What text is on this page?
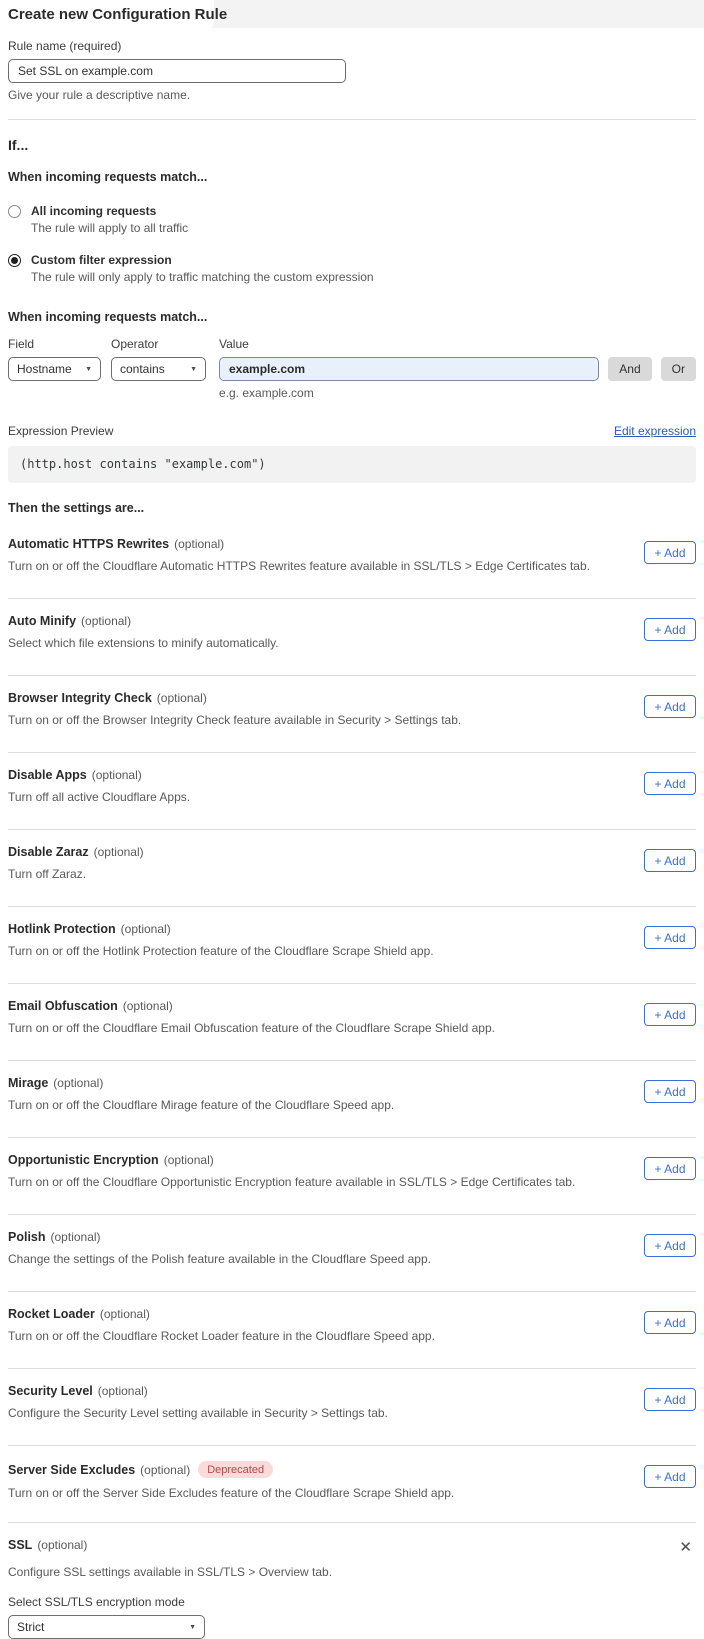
Create new Configuration Rule
Rule name (required)
Set SSL on example.com
Give your rule a descriptive name.
If...
When incoming requests match...
All incoming requests
The rule will apply to all traffic
Custom filter expression
The rule will only apply to traffic matching the custom expression
When incoming requests match...
Field
Hostname ▼
Operator
contains	▼
Value
example.com
And	Or
e.g. example.com
Expression Preview	Edit expression
(http.host contains "example.com")
Then the settings are...
Automatic HTTPS Rewrites (optional)
Turn on or off the Cloudflare Automatic HTTPS Rewrites feature available in SSL/TLS > Edge Certificates tab.
+ Add
Auto Minify (optional)
Select which file extensions to minify automatically.
+ Add
Browser Integrity Check (optional)
Turn on or off the Browser Integrity Check feature available in Security > Settings tab.
+ Add
Disable Apps (optional)
Turn off all active Cloudflare Apps.
+ Add
Disable Zaraz (optional)
Turn off Zaraz.
+ Add
Hotlink Protection (optional)
Turn on or off the Hotlink Protection feature of the Cloudflare Scrape Shield app.
+ Add
Email Obfuscation (optional)
Turn on or off the Cloudflare Email Obfuscation feature of the Cloudflare Scrape Shield app.
+ Add
Mirage (optional)
Turn on or off the Cloudflare Mirage feature of the Cloudflare Speed app.
+ Add
Opportunistic Encryption (optional)
Turn on or off the Cloudflare Opportunistic Encryption feature available in SSL/TLS > Edge Certificates tab.
+ Add
Polish (optional)
Change the settings of the Polish feature available in the Cloudflare Speed app.
+ Add
Rocket Loader (optional)
Turn on or off the Cloudflare Rocket Loader feature in the Cloudflare Speed app.
+ Add
Security Level (optional)
Configure the Security Level setting available in Security > Settings tab.
+ Add
Server Side Excludes (optional)	Deprecated
Turn on or off the Server Side Excludes feature of the Cloudflare Scrape Shield app.
+ Add
SSL (optional)	✕
Configure SSL settings available in SSL/TLS > Overview tab.
Select SSL/TLS encryption mode
Strict	▼
